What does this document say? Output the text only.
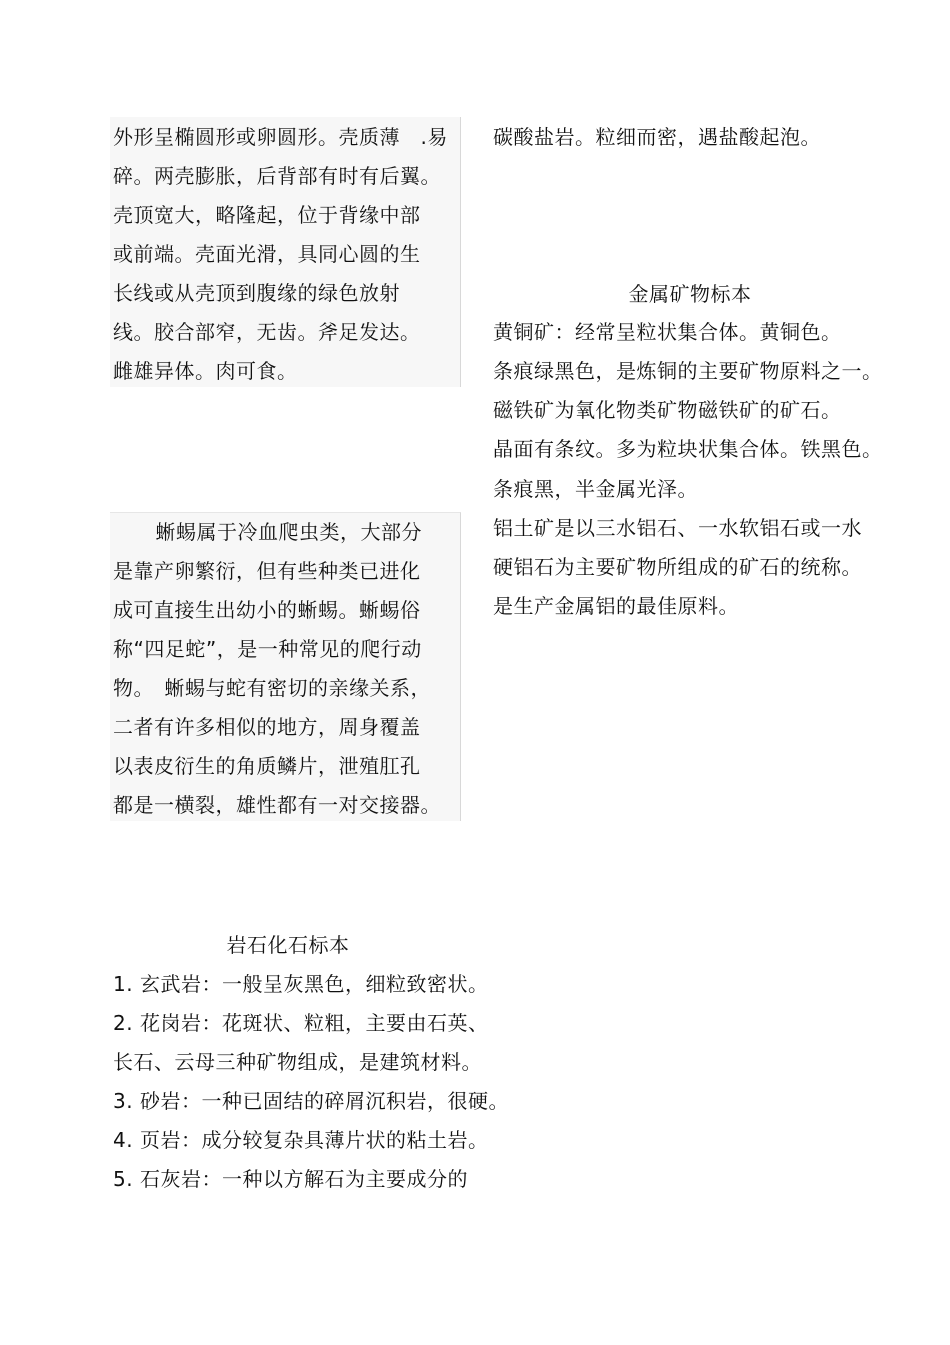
外形呈椭圆形或卵圆形。壳质薄　.易
碎。两壳膨胀，后背部有时有后翼。
壳顶宽大，略隆起，位于背缘中部
或前端。壳面光滑，具同心圆的生
长线或从壳顶到腹缘的绿色放射
线。胶合部窄，无齿。斧足发达。
雌雄异体。肉可食。
　蜥蜴属于冷血爬虫类，大部分
是靠产卵繁衍，但有些种类已进化
成可直接生出幼小的蜥蜴。蜥蜴俗
称“四足蛇”，是一种常见的爬行动
物。　蜥蜴与蛇有密切的亲缘关系，
二者有许多相似的地方，周身覆盖
以表皮衍生的角质鳞片，泄殖肛孔
都是一横裂，雄性都有一对交接器。
碳酸盐岩。粒细而密，遇盐酸起泡。
金属矿物标本
黄铜矿：经常呈粒状集合体。黄铜色。
条痕绿黑色，是炼铜的主要矿物原料之一。
磁铁矿为氧化物类矿物磁铁矿的矿石。
晶面有条纹。多为粒块状集合体。铁黑色。
条痕黑，半金属光泽。
铝土矿是以三水铝石、一水软铝石或一水
硬铝石为主要矿物所组成的矿石的统称。
是生产金属铝的最佳原料。
岩石化石标本
1. 玄武岩：一般呈灰黑色，细粒致密状。
2. 花岗岩：花斑状、粒粗，主要由石英、
长石、云母三种矿物组成，是建筑材料。
3. 砂岩：一种已固结的碎屑沉积岩，很硬。
4. 页岩：成分较复杂具薄片状的粘土岩。
5. 石灰岩：一种以方解石为主要成分的
